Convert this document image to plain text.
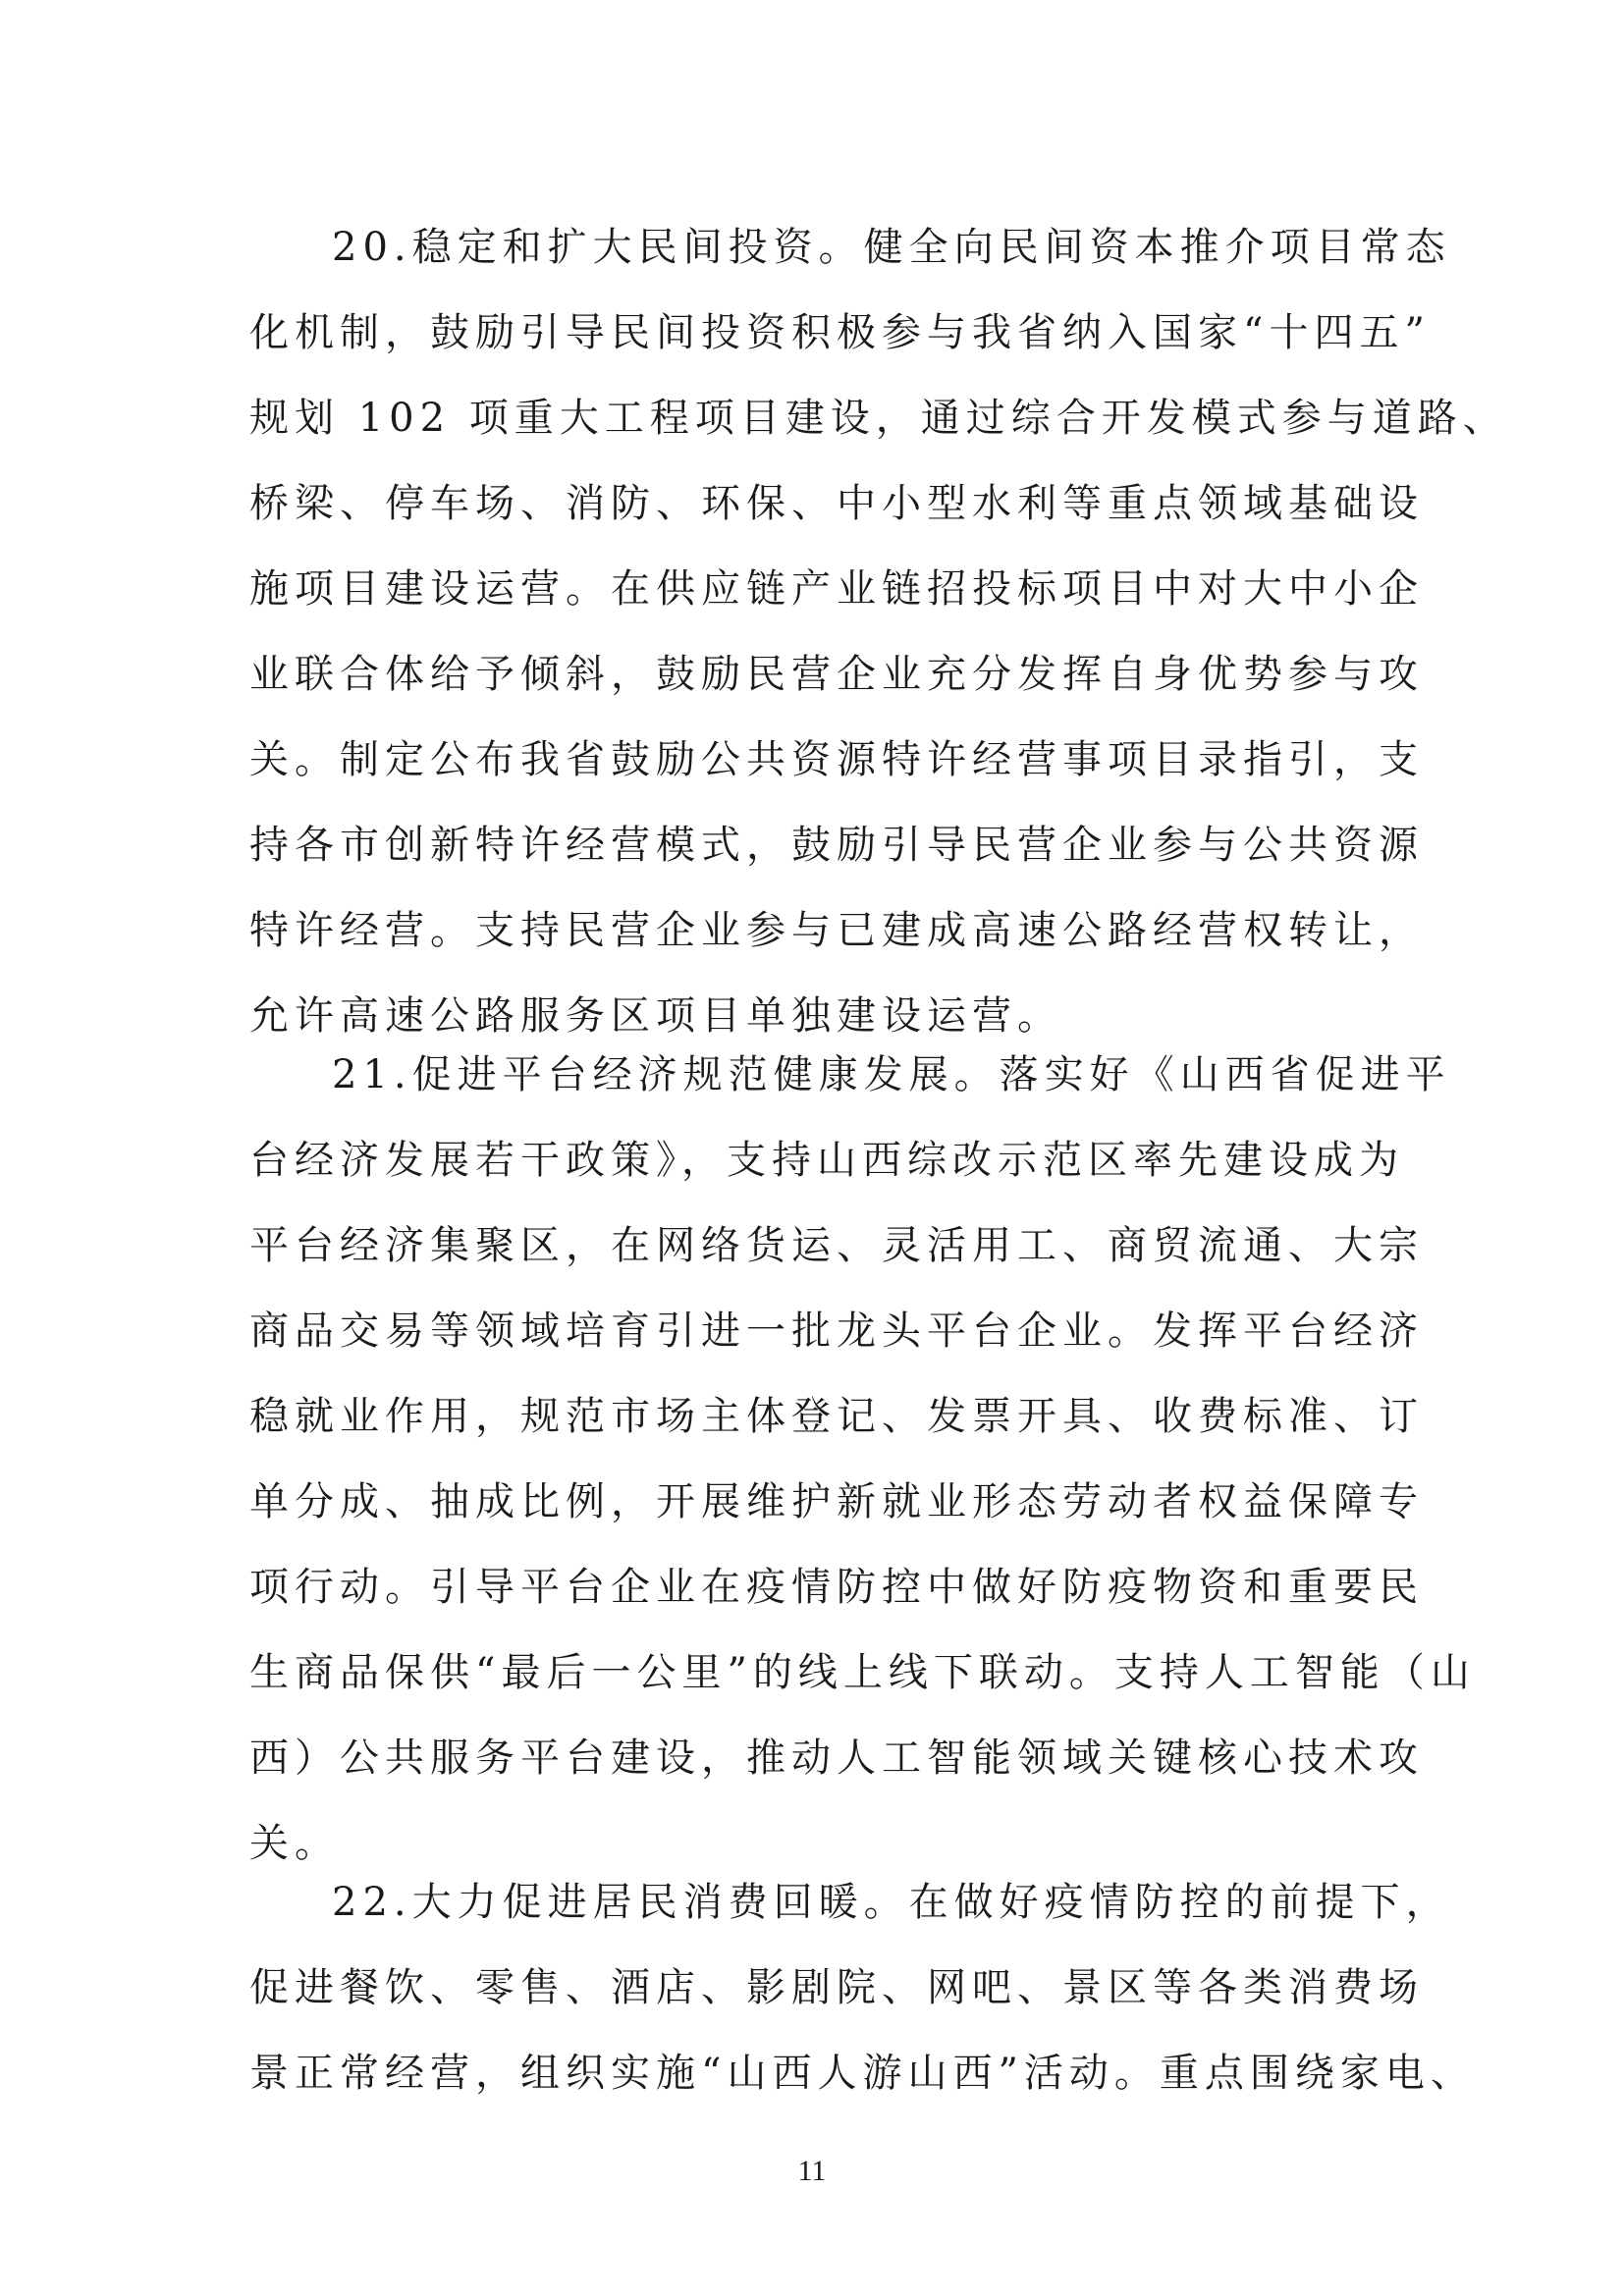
20.稳定和扩大民间投资。健全向民间资本推介项目常态
化机制，鼓励引导民间投资积极参与我省纳入国家“十四五”
规划 102 项重大工程项目建设，通过综合开发模式参与道路、
桥梁、停车场、消防、环保、中小型水利等重点领域基础设
施项目建设运营。在供应链产业链招投标项目中对大中小企
业联合体给予倾斜，鼓励民营企业充分发挥自身优势参与攻
关。制定公布我省鼓励公共资源特许经营事项目录指引，支
持各市创新特许经营模式，鼓励引导民营企业参与公共资源
特许经营。支持民营企业参与已建成高速公路经营权转让，
允许高速公路服务区项目单独建设运营。
21.促进平台经济规范健康发展。落实好《山西省促进平
台经济发展若干政策》，支持山西综改示范区率先建设成为
平台经济集聚区，在网络货运、灵活用工、商贸流通、大宗
商品交易等领域培育引进一批龙头平台企业。发挥平台经济
稳就业作用，规范市场主体登记、发票开具、收费标准、订
单分成、抽成比例，开展维护新就业形态劳动者权益保障专
项行动。引导平台企业在疫情防控中做好防疫物资和重要民
生商品保供“最后一公里”的线上线下联动。支持人工智能（山
西）公共服务平台建设，推动人工智能领域关键核心技术攻
关。
22.大力促进居民消费回暖。在做好疫情防控的前提下，
促进餐饮、零售、酒店、影剧院、网吧、景区等各类消费场
景正常经营，组织实施“山西人游山西”活动。重点围绕家电、
11
